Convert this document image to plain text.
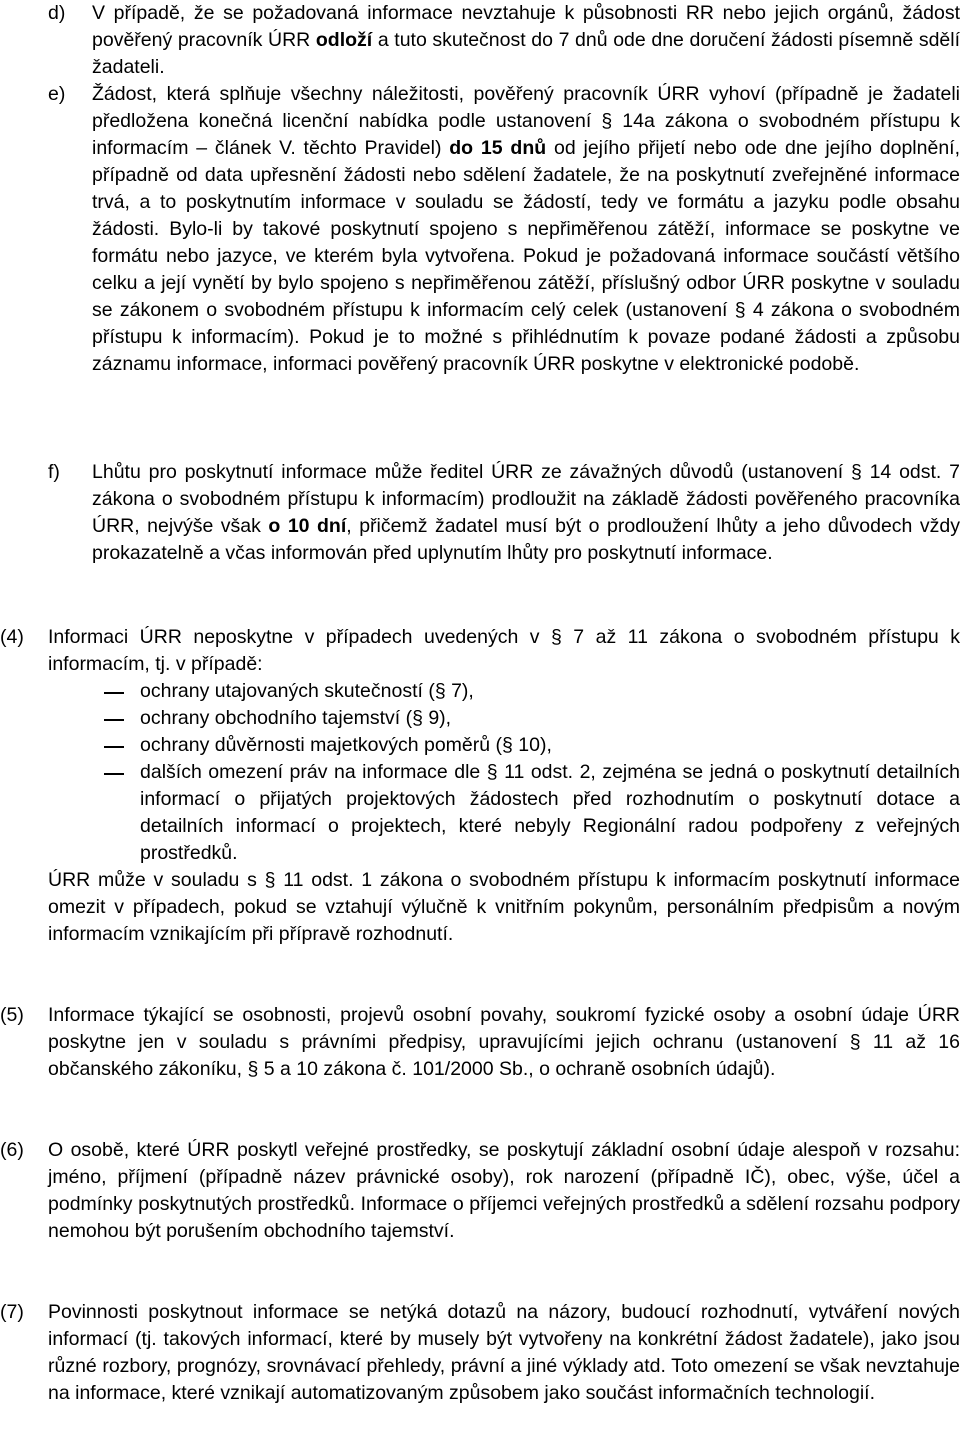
d)	V případě, že se požadovaná informace nevztahuje k působnosti RR nebo jejich orgánů, žádost pověřený pracovník ÚRR odloží a tuto skutečnost do 7 dnů ode dne doručení žádosti písemně sdělí žadateli.
e)	Žádost, která splňuje všechny náležitosti, pověřený pracovník ÚRR vyhoví (případně je žadateli předložena konečná licenční nabídka podle ustanovení § 14a zákona o svobodném přístupu k informacím – článek V. těchto Pravidel) do 15 dnů od jejího přijetí nebo ode dne jejího doplnění, případně od data upřesnění žádosti nebo sdělení žadatele, že na poskytnutí zveřejněné informace trvá, a to poskytnutím informace v souladu se žádostí, tedy ve formátu a jazyku podle obsahu žádosti. Bylo-li by takové poskytnutí spojeno s nepřiměřenou zátěží, informace se poskytne ve formátu nebo jazyce, ve kterém byla vytvořena. Pokud je požadovaná informace součástí většího celku a její vynětí by bylo spojeno s nepřiměřenou zátěží, příslušný odbor ÚRR poskytne v souladu se zákonem o svobodném přístupu k informacím celý celek (ustanovení § 4 zákona o svobodném přístupu k informacím). Pokud je to možné s přihlédnutím k povaze podané žádosti a způsobu záznamu informace, informaci pověřený pracovník ÚRR poskytne v elektronické podobě.
f)	Lhůtu pro poskytnutí informace může ředitel ÚRR ze závažných důvodů (ustanovení § 14 odst. 7 zákona o svobodném přístupu k informacím) prodloužit na základě žádosti pověřeného pracovníka ÚRR, nejvýše však o 10 dní, přičemž žadatel musí být o prodloužení lhůty a jeho důvodech vždy prokazatelně a včas informován před uplynutím lhůty pro poskytnutí informace.
(4)	Informaci ÚRR neposkytne v případech uvedených v § 7 až 11 zákona o svobodném přístupu k informacím, tj. v případě:
ochrany utajovaných skutečností (§ 7),
ochrany obchodního tajemství (§ 9),
ochrany důvěrnosti majetkových poměrů (§ 10),
dalších omezení práv na informace dle § 11 odst. 2, zejména se jedná o poskytnutí detailních informací o přijatých projektových žádostech před rozhodnutím o poskytnutí dotace a detailních informací o projektech, které nebyly Regionální radou podpořeny z veřejných prostředků.
ÚRR může v souladu s § 11 odst. 1 zákona o svobodném přístupu k informacím poskytnutí informace omezit v případech, pokud se vztahují výlučně k vnitřním pokynům, personálním předpisům a novým informacím vznikajícím při přípravě rozhodnutí.
(5)	Informace týkající se osobnosti, projevů osobní povahy, soukromí fyzické osoby a osobní údaje ÚRR poskytne jen v souladu s právními předpisy, upravujícími jejich ochranu (ustanovení § 11 až 16 občanského zákoníku, § 5 a 10 zákona č. 101/2000 Sb., o ochraně osobních údajů).
(6)	O osobě, které ÚRR poskytl veřejné prostředky, se poskytují základní osobní údaje alespoň v rozsahu: jméno, příjmení (případně název právnické osoby), rok narození (případně IČ), obec, výše, účel a podmínky poskytnutých prostředků. Informace o příjemci veřejných prostředků a sdělení rozsahu podpory nemohou být porušením obchodního tajemství.
(7)	Povinnosti poskytnout informace se netýká dotazů na názory, budoucí rozhodnutí, vytváření nových informací (tj. takových informací, které by musely být vytvořeny na konkrétní žádost žadatele), jako jsou různé rozbory, prognózy, srovnávací přehledy, právní a jiné výklady atd. Toto omezení se však nevztahuje na informace, které vznikají automatizovaným způsobem jako součást informačních technologií.
